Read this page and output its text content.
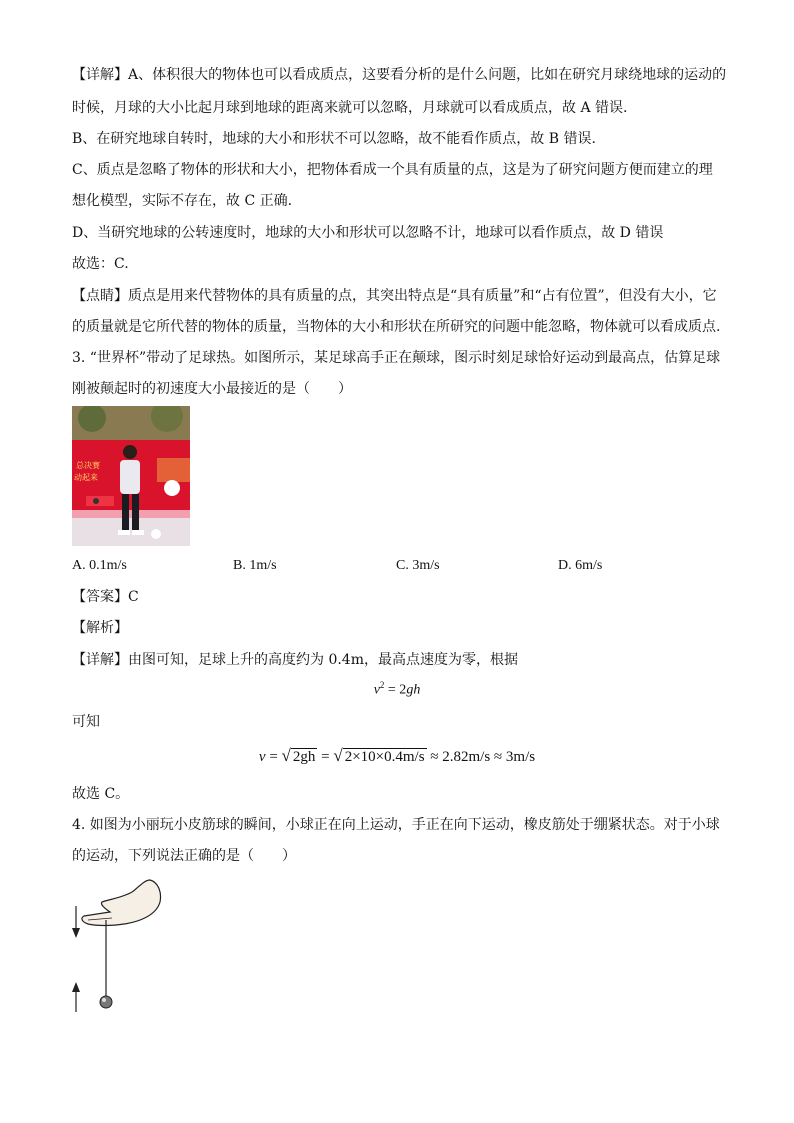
【详解】A、体积很大的物体也可以看成质点，这要看分析的是什么问题，比如在研究月球绕地球的运动的
时候，月球的大小比起月球到地球的距离来就可以忽略，月球就可以看成质点，故 A 错误.
B、在研究地球自转时，地球的大小和形状不可以忽略，故不能看作质点，故 B 错误.
C、质点是忽略了物体的形状和大小，把物体看成一个具有质量的点，这是为了研究问题方便而建立的理
想化模型，实际不存在，故 C 正确.
D、当研究地球的公转速度时，地球的大小和形状可以忽略不计，地球可以看作质点，故 D 错误
故选：C.
【点睛】质点是用来代替物体的具有质量的点，其突出特点是“具有质量”和“占有位置”，但没有大小，它
的质量就是它所代替的物体的质量，当物体的大小和形状在所研究的问题中能忽略，物体就可以看成质点.
3. “世界杯”带动了足球热。如图所示，某足球高手正在颠球，图示时刻足球恰好运动到最高点，估算足球
刚被颠起时的初速度大小最接近的是（　　）
总决赛
动起来
A. 0.1m/s	B. 1m/s	C. 3m/s	D. 6m/s
【答案】C
【解析】
【详解】由图可知，足球上升的高度约为 0.4m，最高点速度为零，根据
$v^2 = 2gh$
可知
v = √ 2gh = √ 2×10×0.4m/s ≈ 2.82m/s ≈ 3m/s
故选 C。
4. 如图为小丽玩小皮筋球的瞬间，小球正在向上运动，手正在向下运动，橡皮筋处于绷紧状态。对于小球
的运动，下列说法正确的是（　　）
